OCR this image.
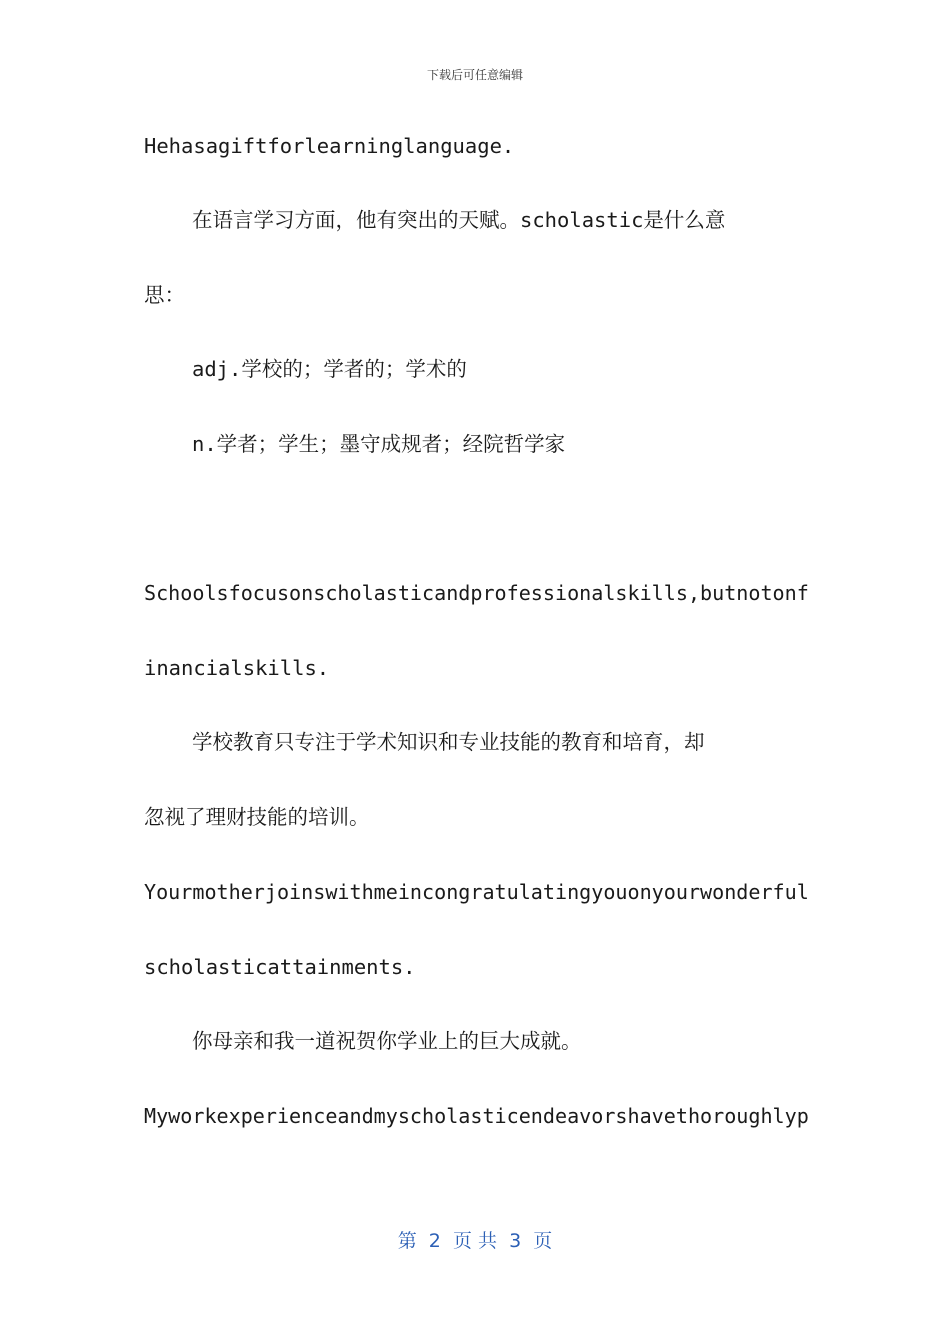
下载后可任意编辑
Hehasagiftforlearninglanguage.
在语言学习方面，他有突出的天赋。scholastic是什么意
思：
adj.学校的；学者的；学术的
n.学者；学生；墨守成规者；经院哲学家
Schoolsfocusonscholasticandprofessionalskills,butnotonf
inancialskills.
学校教育只专注于学术知识和专业技能的教育和培育，却
忽视了理财技能的培训。
Yourmotherjoinswithmeincongratulatingyouonyourwonderful
scholasticattainments.
你母亲和我一道祝贺你学业上的巨大成就。
Myworkexperienceandmyscholasticendeavorshavethoroughlyp
第  2  页 共  3  页
